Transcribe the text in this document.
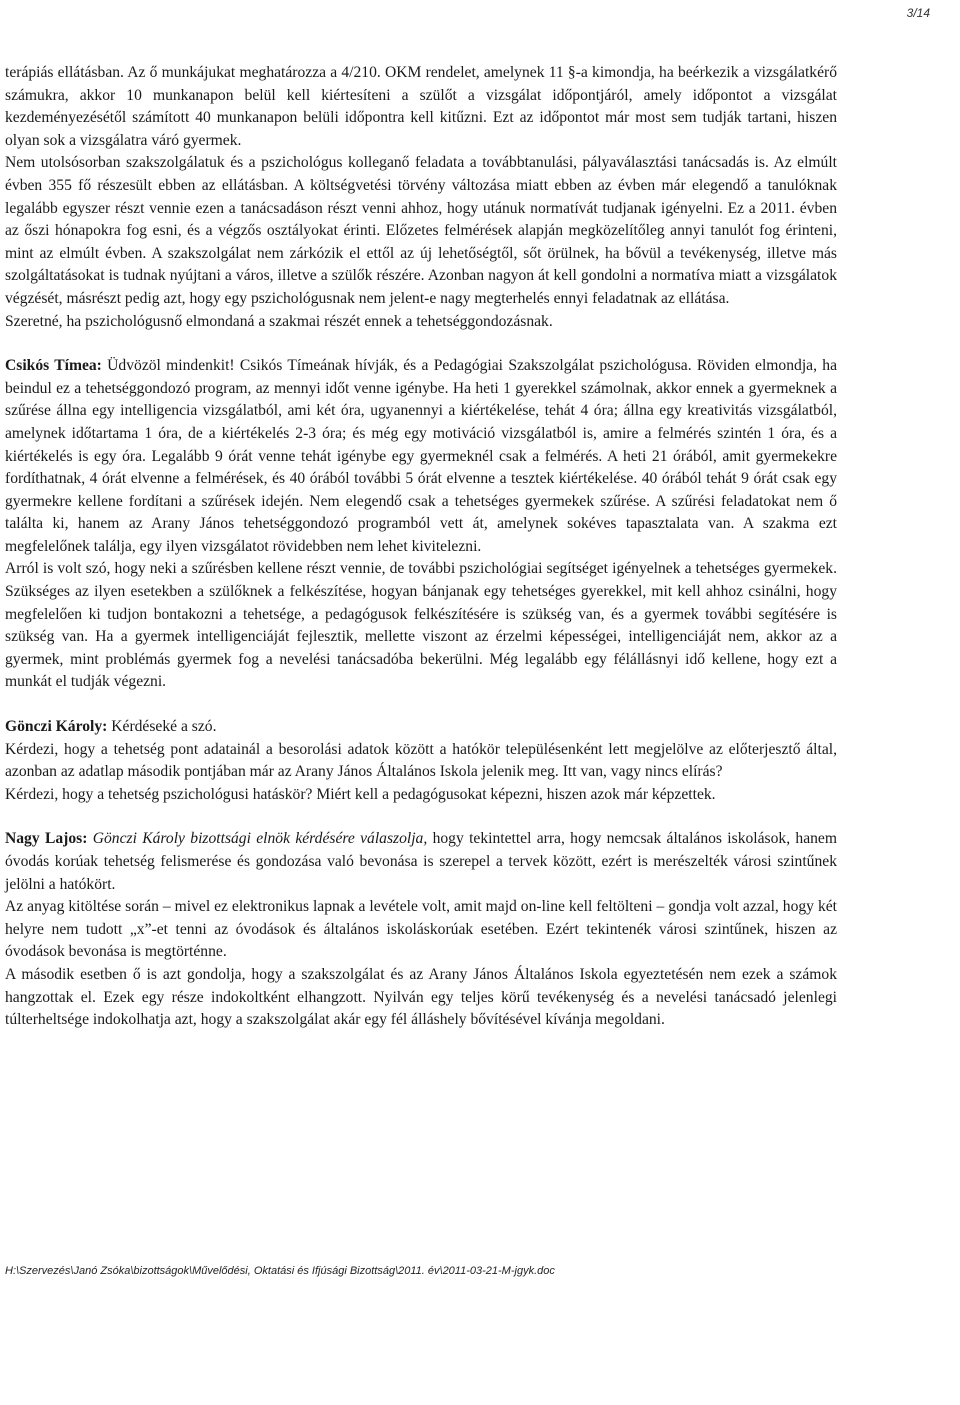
3/14

terápiás ellátásban. Az ő munkájukat meghatározza a 4/210. OKM rendelet, amelynek 11 §-a kimondja, ha beérkezik a vizsgálatkérő számukra, akkor 10 munkanapon belül kell kiértesíteni a szülőt a vizsgálat időpontjáról, amely időpontot a vizsgálat kezdeményezésétől számított 40 munkanapon belüli időpontra kell kitűzni. Ezt az időpontot már most sem tudják tartani, hiszen olyan sok a vizsgálatra váró gyermek.

Nem utolsósorban szakszolgálatuk és a pszichológus kolleganő feladata a továbbtanulási, pályaválasztási tanácsadás is. Az elmúlt évben 355 fő részesült ebben az ellátásban. A költségvetési törvény változása miatt ebben az évben már elegendő a tanulóknak legalább egyszer részt vennie ezen a tanácsadáson részt venni ahhoz, hogy utánuk normatívát tudjanak igényelni. Ez a 2011. évben az őszi hónapokra fog esni, és a végzős osztályokat érinti. Előzetes felmérések alapján megközelítőleg annyi tanulót fog érinteni, mint az elmúlt évben. A szakszolgálat nem zárkózik el ettől az új lehetőségtől, sőt örülnek, ha bővül a tevékenység, illetve más szolgáltatásokat is tudnak nyújtani a város, illetve a szülők részére. Azonban nagyon át kell gondolni a normatíva miatt a vizsgálatok végzését, másrészt pedig azt, hogy egy pszichológusnak nem jelent-e nagy megterhelés ennyi feladatnak az ellátása.

Szeretné, ha pszichológusnő elmondaná a szakmai részét ennek a tehetséggondozásnak.

Csikós Tímea: Üdvözöl mindenkit! Csikós Tímeának hívják, és a Pedagógiai Szakszolgálat pszichológusa. Röviden elmondja, ha beindul ez a tehetséggondozó program, az mennyi időt venne igénybe. Ha heti 1 gyerekkel számolnak, akkor ennek a gyermeknek a szűrése állna egy intelligencia vizsgálatból, ami két óra, ugyanennyi a kiértékelése, tehát 4 óra; állna egy kreativitás vizsgálatból, amelynek időtartama 1 óra, de a kiértékelés 2-3 óra; és még egy motiváció vizsgálatból is, amire a felmérés szintén 1 óra, és a kiértékelés is egy óra. Legalább 9 órát venne tehát igénybe egy gyermeknél csak a felmérés. A heti 21 órából, amit gyermekekre fordíthatnak, 4 órát elvenne a felmérések, és 40 órából további 5 órát elvenne a tesztek kiértékelése. 40 órából tehát 9 órát csak egy gyermekre kellene fordítani a szűrések idején. Nem elegendő csak a tehetséges gyermekek szűrése. A szűrési feladatokat nem ő találta ki, hanem az Arany János tehetséggondozó programból vett át, amelynek sokéves tapasztalata van. A szakma ezt megfelelőnek találja, egy ilyen vizsgálatot rövidebben nem lehet kivitelezni.

Arról is volt szó, hogy neki a szűrésben kellene részt vennie, de további pszichológiai segítséget igényelnek a tehetséges gyermekek. Szükséges az ilyen esetekben a szülőknek a felkészítése, hogyan bánjanak egy tehetséges gyerekkel, mit kell ahhoz csinálni, hogy megfelelően ki tudjon bontakozni a tehetsége, a pedagógusok felkészítésére is szükség van, és a gyermek további segítésére is szükség van. Ha a gyermek intelligenciáját fejlesztik, mellette viszont az érzelmi képességei, intelligenciáját nem, akkor az a gyermek, mint problémás gyermek fog a nevelési tanácsadóba bekerülni. Még legalább egy félállásnyi idő kellene, hogy ezt a munkát el tudják végezni.

Gönczi Károly: Kérdéseké a szó.

Kérdezi, hogy a tehetség pont adatainál a besorolási adatok között a hatókör településenként lett megjelölve az előterjesztő által, azonban az adatlap második pontjában már az Arany János Általános Iskola jelenik meg. Itt van, vagy nincs elírás?

Kérdezi, hogy a tehetség pszichológusi hatáskör? Miért kell a pedagógusokat képezni, hiszen azok már képzettek.

Nagy Lajos: Gönczi Károly bizottsági elnök kérdésére válaszolja, hogy tekintettel arra, hogy nemcsak általános iskolások, hanem óvodás korúak tehetség felismerése és gondozása való bevonása is szerepel a tervek között, ezért is merészelték városi szintűnek jelölni a hatókört.

Az anyag kitöltése során – mivel ez elektronikus lapnak a levétele volt, amit majd on-line kell feltölteni – gondja volt azzal, hogy két helyre nem tudott „x”-et tenni az óvodások és általános iskoláskorúak esetében. Ezért tekintenék városi szintűnek, hiszen az óvodások bevonása is megtörténne.

A második esetben ő is azt gondolja, hogy a szakszolgálat és az Arany János Általános Iskola egyeztetésén nem ezek a számok hangzottak el. Ezek egy része indokoltként elhangzott. Nyilván egy teljes körű tevékenység és a nevelési tanácsadó jelenlegi túlterheltsége indokolhatja azt, hogy a szakszolgálat akár egy fél álláshely bővítésével kívánja megoldani.

H:\Szervezés\Janó Zsóka\bizottságok\Művelődési, Oktatási és Ifjúsági Bizottság\2011. év\2011-03-21-M-jgyk.doc
